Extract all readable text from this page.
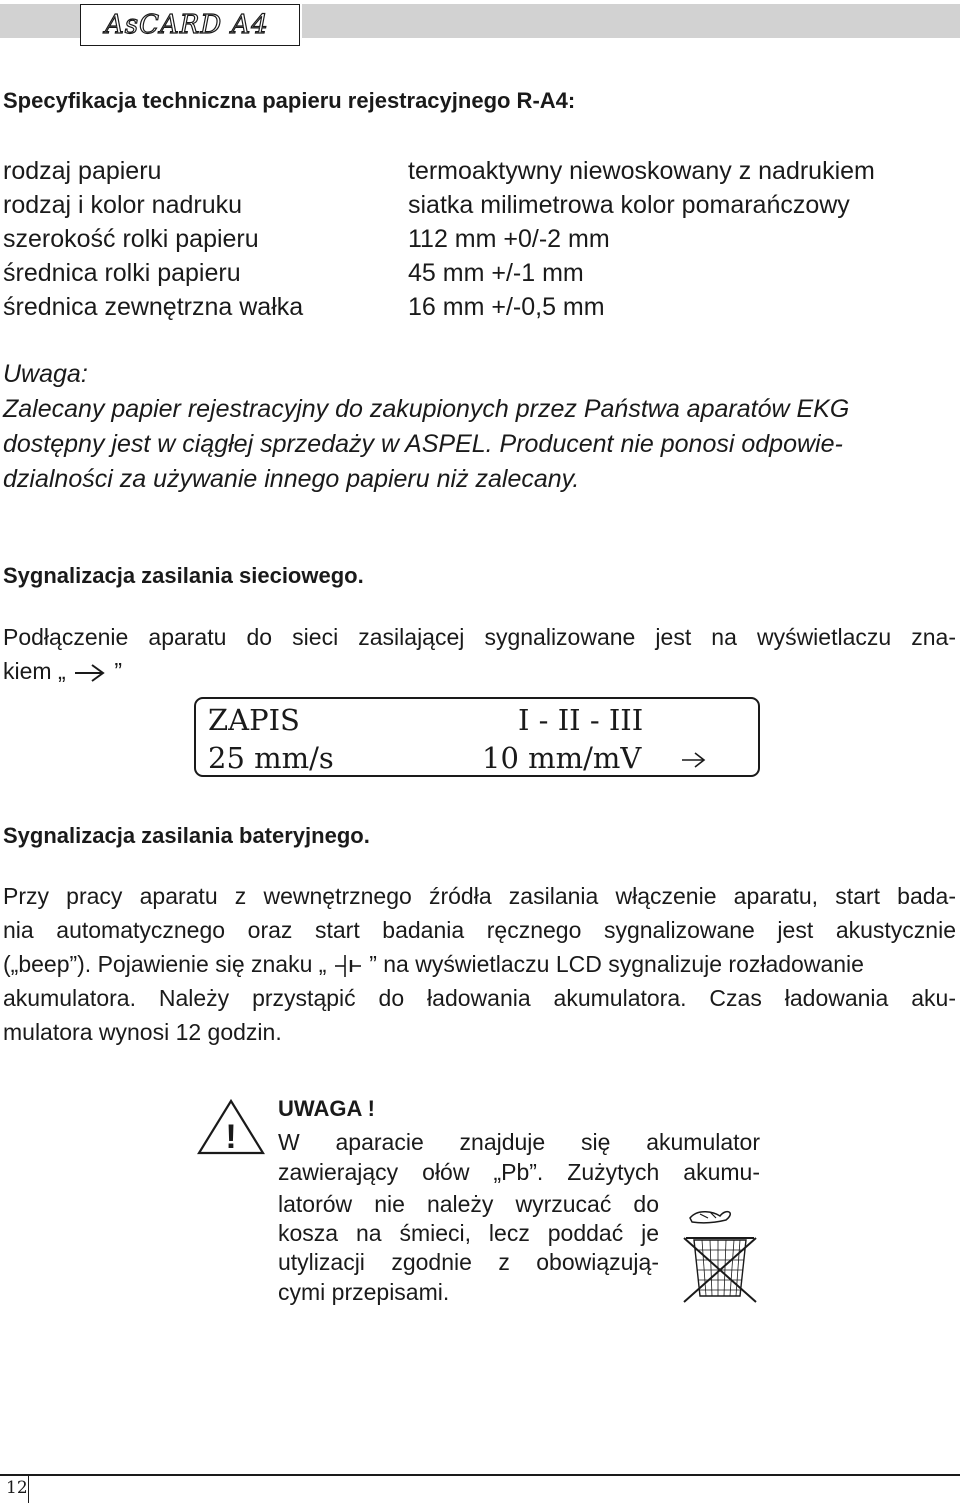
AsCARD A4
Specyfikacja techniczna papieru rejestracyjnego R-A4:
rodzaj papieru	termoaktywny niewoskowany z nadrukiem
rodzaj i kolor nadruku	siatka milimetrowa kolor pomarańczowy
szerokość rolki papieru	112 mm +0/-2 mm
średnica rolki papieru	45 mm +/-1 mm
średnica zewnętrzna wałka	16 mm +/-0,5 mm
Uwaga:
Zalecany papier rejestracyjny do zakupionych przez Państwa aparatów EKG
dostępny jest w ciągłej sprzedaży w ASPEL. Producent nie ponosi odpowie-
dzialności za używanie innego papieru niż zalecany.
Sygnalizacja zasilania sieciowego.
Podłączenie aparatu do sieci zasilającej sygnalizowane jest na wyświetlaczu zna-
kiem „ ”
ZAPIS	I - II - III
25 mm/s	10 mm/mV
Sygnalizacja zasilania bateryjnego.
Przy pracy aparatu z wewnętrznego źródła zasilania włączenie aparatu, start bada-
nia automatycznego oraz start badania ręcznego sygnalizowane jest akustycznie
(„beep”). Pojawienie się znaku „ ” na wyświetlaczu LCD sygnalizuje rozładowanie
akumulatora. Należy przystąpić do ładowania akumulatora. Czas ładowania aku-
mulatora wynosi 12 godzin.
!
UWAGA !
W aparacie znajduje się akumulator
zawierający ołów „Pb”. Zużytych akumu-
latorów nie należy wyrzucać do
kosza na śmieci, lecz poddać je
utylizacji zgodnie z obowiązują-
cymi przepisami.
12
